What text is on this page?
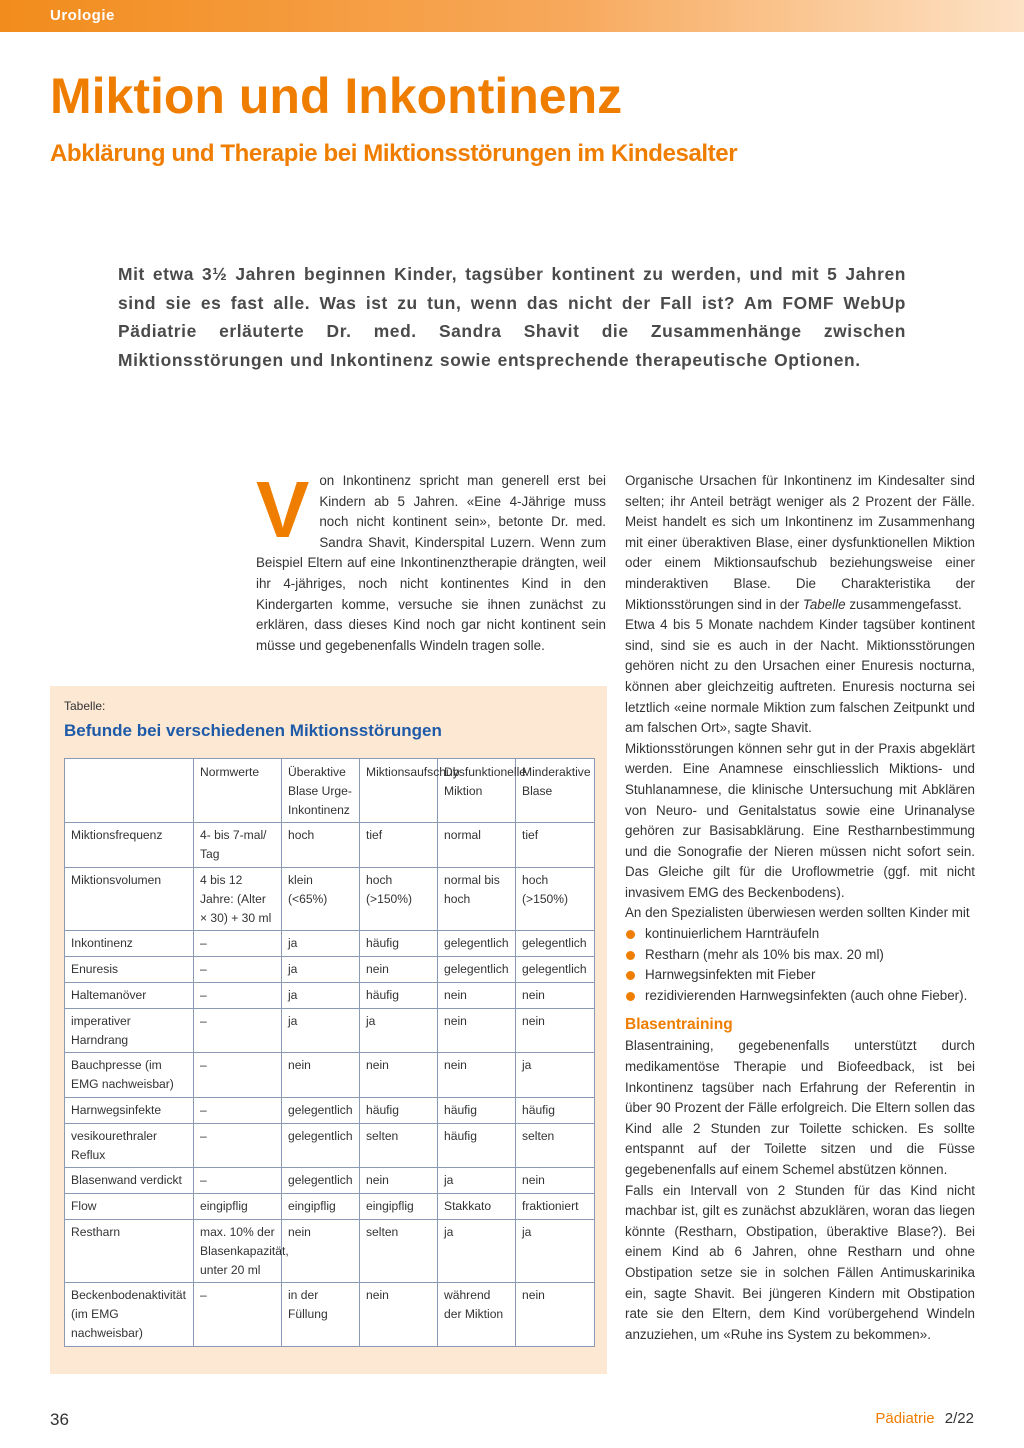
Urologie
Miktion und Inkontinenz
Abklärung und Therapie bei Miktionsstörungen im Kindesalter

Mit etwa 3½ Jahren beginnen Kinder, tagsüber kontinent zu werden, und mit 5 Jahren sind sie es fast alle. Was ist zu tun, wenn das nicht der Fall ist? Am FOMF WebUp Pädiatrie erläuterte Dr. med. Sandra Shavit die Zusammenhänge zwischen Miktionsstörungen und Inkontinenz sowie entsprechende therapeutische Optionen.

V on Inkontinenz spricht man generell erst bei Kindern ab 5 Jahren. «Eine 4-Jährige muss noch nicht kontinent sein», betonte Dr. med. Sandra Shavit, Kinderspital Luzern. Wenn zum Beispiel Eltern auf eine Inkontinenztherapie drängten, weil ihr 4-jähriges, noch nicht kontinentes Kind in den Kindergarten komme, versuche sie ihnen zunächst zu erklären, dass dieses Kind noch gar nicht kontinent sein müsse und gegebenenfalls Windeln tragen solle.

Organische Ursachen für Inkontinenz im Kindesalter sind selten; ihr Anteil beträgt weniger als 2 Prozent der Fälle. Meist handelt es sich um Inkontinenz im Zusammenhang mit einer überaktiven Blase, einer dysfunktionellen Miktion oder einem Miktionsaufschub beziehungsweise einer minderaktiven Blase. Die Charakteristika der Miktionsstörungen sind in der Tabelle zusammengefasst.

Etwa 4 bis 5 Monate nachdem Kinder tagsüber kontinent sind, sind sie es auch in der Nacht. Miktionsstörungen gehören nicht zu den Ursachen einer Enuresis nocturna, können aber gleichzeitig auftreten. Enuresis nocturna sei letztlich «eine normale Miktion zum falschen Zeitpunkt und am falschen Ort», sagte Shavit.

Miktionsstörungen können sehr gut in der Praxis abgeklärt werden. Eine Anamnese einschliesslich Miktions- und Stuhlanamnese, die klinische Untersuchung mit Abklären von Neuro- und Genitalstatus sowie eine Urinanalyse gehören zur Basisabklärung. Eine Restharnbestimmung und die Sonografie der Nieren müssen nicht sofort sein. Das Gleiche gilt für die Uroflowmetrie (ggf. mit nicht invasivem EMG des Beckenbodens).

An den Spezialisten überwiesen werden sollten Kinder mit

kontinuierlichem Harnträufeln
Restharn (mehr als 10% bis max. 20 ml)
Harnwegsinfekten mit Fieber
rezidivierenden Harnwegsinfekten (auch ohne Fieber).
Blasentraining

Blasentraining, gegebenenfalls unterstützt durch medikamentöse Therapie und Biofeedback, ist bei Inkontinenz tagsüber nach Erfahrung der Referentin in über 90 Prozent der Fälle erfolgreich. Die Eltern sollen das Kind alle 2 Stunden zur Toilette schicken. Es sollte entspannt auf der Toilette sitzen und die Füsse gegebenenfalls auf einem Schemel abstützen können.

Falls ein Intervall von 2 Stunden für das Kind nicht machbar ist, gilt es zunächst abzuklären, woran das liegen könnte (Restharn, Obstipation, überaktive Blase?). Bei einem Kind ab 6 Jahren, ohne Restharn und ohne Obstipation setze sie in solchen Fällen Antimuskarinika ein, sagte Shavit. Bei jüngeren Kindern mit Obstipation rate sie den Eltern, dem Kind vorübergehend Windeln anzuziehen, um «Ruhe ins System zu bekommen».

Tabelle:
Befunde bei verschiedenen Miktionsstörungen
	Normwerte	Überaktive Blase Urge-Inkontinenz	Miktionsaufschub	Dysfunktionelle Miktion	Minderaktive Blase
Miktionsfrequenz	4- bis 7-mal/ Tag	hoch	tief	normal	tief
Miktionsvolumen	4 bis 12 Jahre: (Alter × 30) + 30 ml	klein (<65%)	hoch (>150%)	normal bis hoch	hoch (>150%)
Inkontinenz	–	ja	häufig	gelegentlich	gelegentlich
Enuresis	–	ja	nein	gelegentlich	gelegentlich
Haltemanöver	–	ja	häufig	nein	nein
imperativer Harndrang	–	ja	ja	nein	nein
Bauchpresse (im EMG nachweisbar)	–	nein	nein	nein	ja
Harnwegsinfekte	–	gelegentlich	häufig	häufig	häufig
vesikourethraler Reflux	–	gelegentlich	selten	häufig	selten
Blasenwand verdickt	–	gelegentlich	nein	ja	nein
Flow	eingipflig	eingipflig	eingipflig	Stakkato	fraktioniert
Restharn	max. 10% der Blasenkapazität, unter 20 ml	nein	selten	ja	ja
Beckenbodenaktivität (im EMG nachweisbar)	–	in der Füllung	nein	während der Miktion	nein
36	Pädiatrie 2/22
